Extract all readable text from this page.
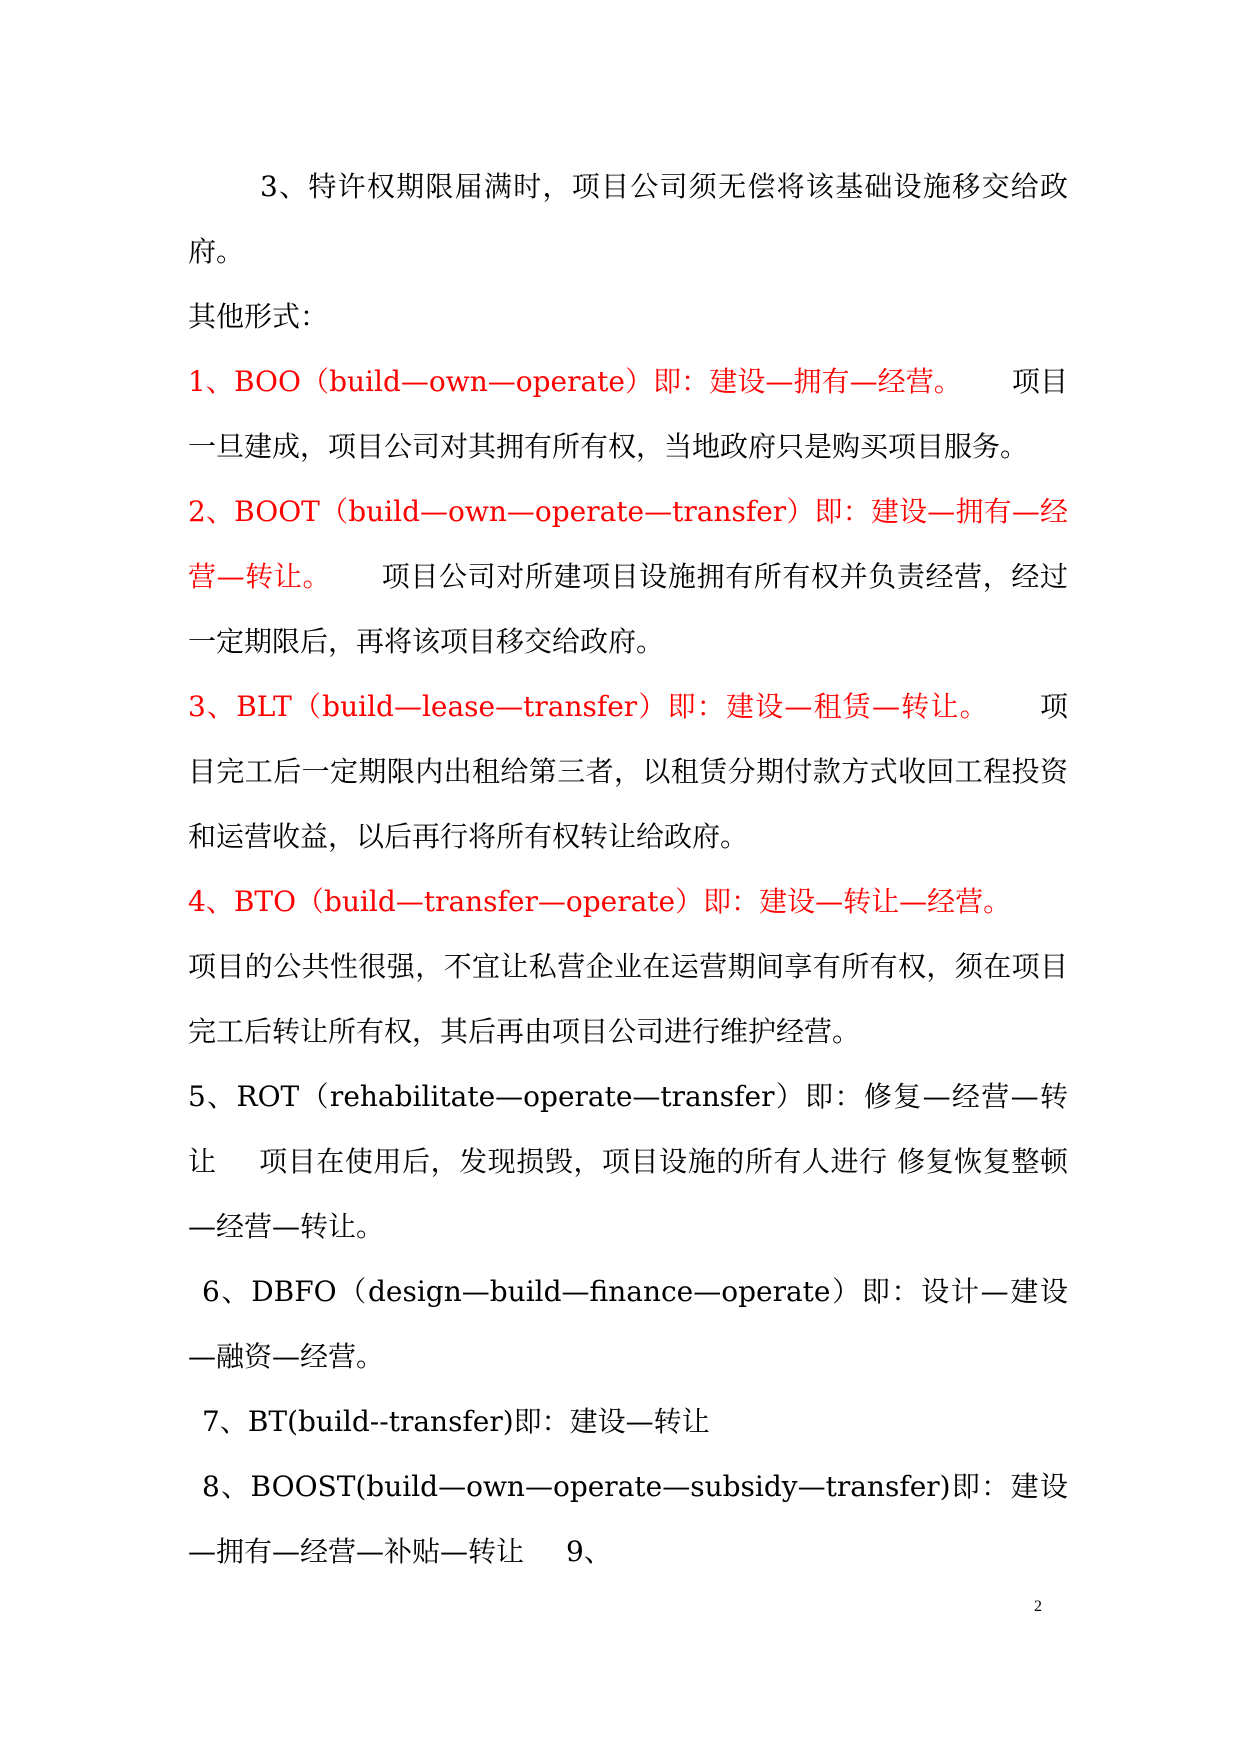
3、特许权期限届满时，项目公司须无偿将该基础设施移交给政府。

其他形式：

1、BOO（build—own—operate）即：建设—拥有—经营。 项目一旦建成，项目公司对其拥有所有权，当地政府只是购买项目服务。

2、BOOT（build—own—operate—transfer）即：建设—拥有—经营—转让。 项目公司对所建项目设施拥有所有权并负责经营，经过一定期限后，再将该项目移交给政府。

3、BLT（build—lease—transfer）即：建设—租赁—转让。 项目完工后一定期限内出租给第三者，以租赁分期付款方式收回工程投资和运营收益，以后再行将所有权转让给政府。

4、BTO（build—transfer—operate）即：建设—转让—经营。
项目的公共性很强，不宜让私营企业在运营期间享有所有权，须在项目完工后转让所有权，其后再由项目公司进行维护经营。

5、ROT（rehabilitate—operate—transfer）即：修复—经营—转让 项目在使用后，发现损毁，项目设施的所有人进行 修复恢复整顿—经营—转让。

6、DBFO（design—build—finance—operate）即：设计—建设—融资—经营。

7、BT(build--transfer)即：建设—转让

8、BOOST(build—own—operate—subsidy—transfer)即：建设—拥有—经营—补贴—转让 9、

2
